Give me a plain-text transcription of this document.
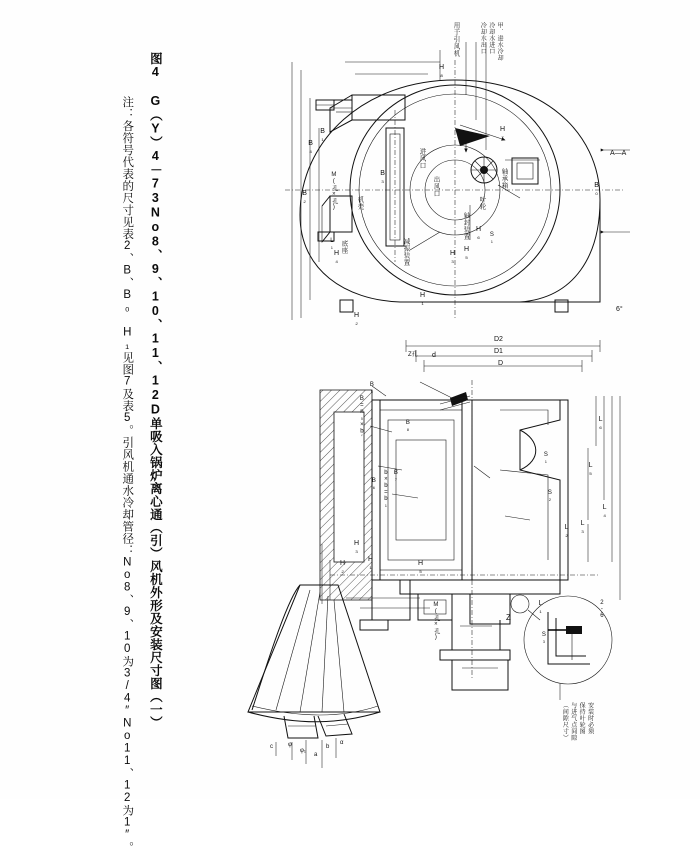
图4 G（Y）4－73No8、9、10、11、12D单吸入锅炉离心通（引）风机外形及安装尺寸图（一）
注：各符号代表的尺寸见表2、B、B₀ H₁见图7及表5。引风机通水冷却管径：No8、9、10为3/4″No11、12为1″。
用于引风机	甲．进水冷却
冷却水进口
冷却水出口
轴承箱
叶轮
进风口
出风口
轴封装置
机壳
底座	减振装置
A—A
6°
H₈
H₇
H₆
H₅
H₄	H₃
H₂
H₁
B₄
B₃
B₂
B₁
B₀
M(孔×孔)
S₁
L₁
D2
D1
D
d
Z孔
B₅
B₆
B₇
B₈
B=n₀×b′
b×b=b₁
L₆
L₅
L₄
L₃
L₂
L₁
S₁
S₂
S₃
H₅
H₃
H₂	H₁
M(孔×孔)	2-6
Z
安装时必须
保持叶轮图
与进气点间隙
（间隙尺寸）
φ
φ₁
a
b
c
α
